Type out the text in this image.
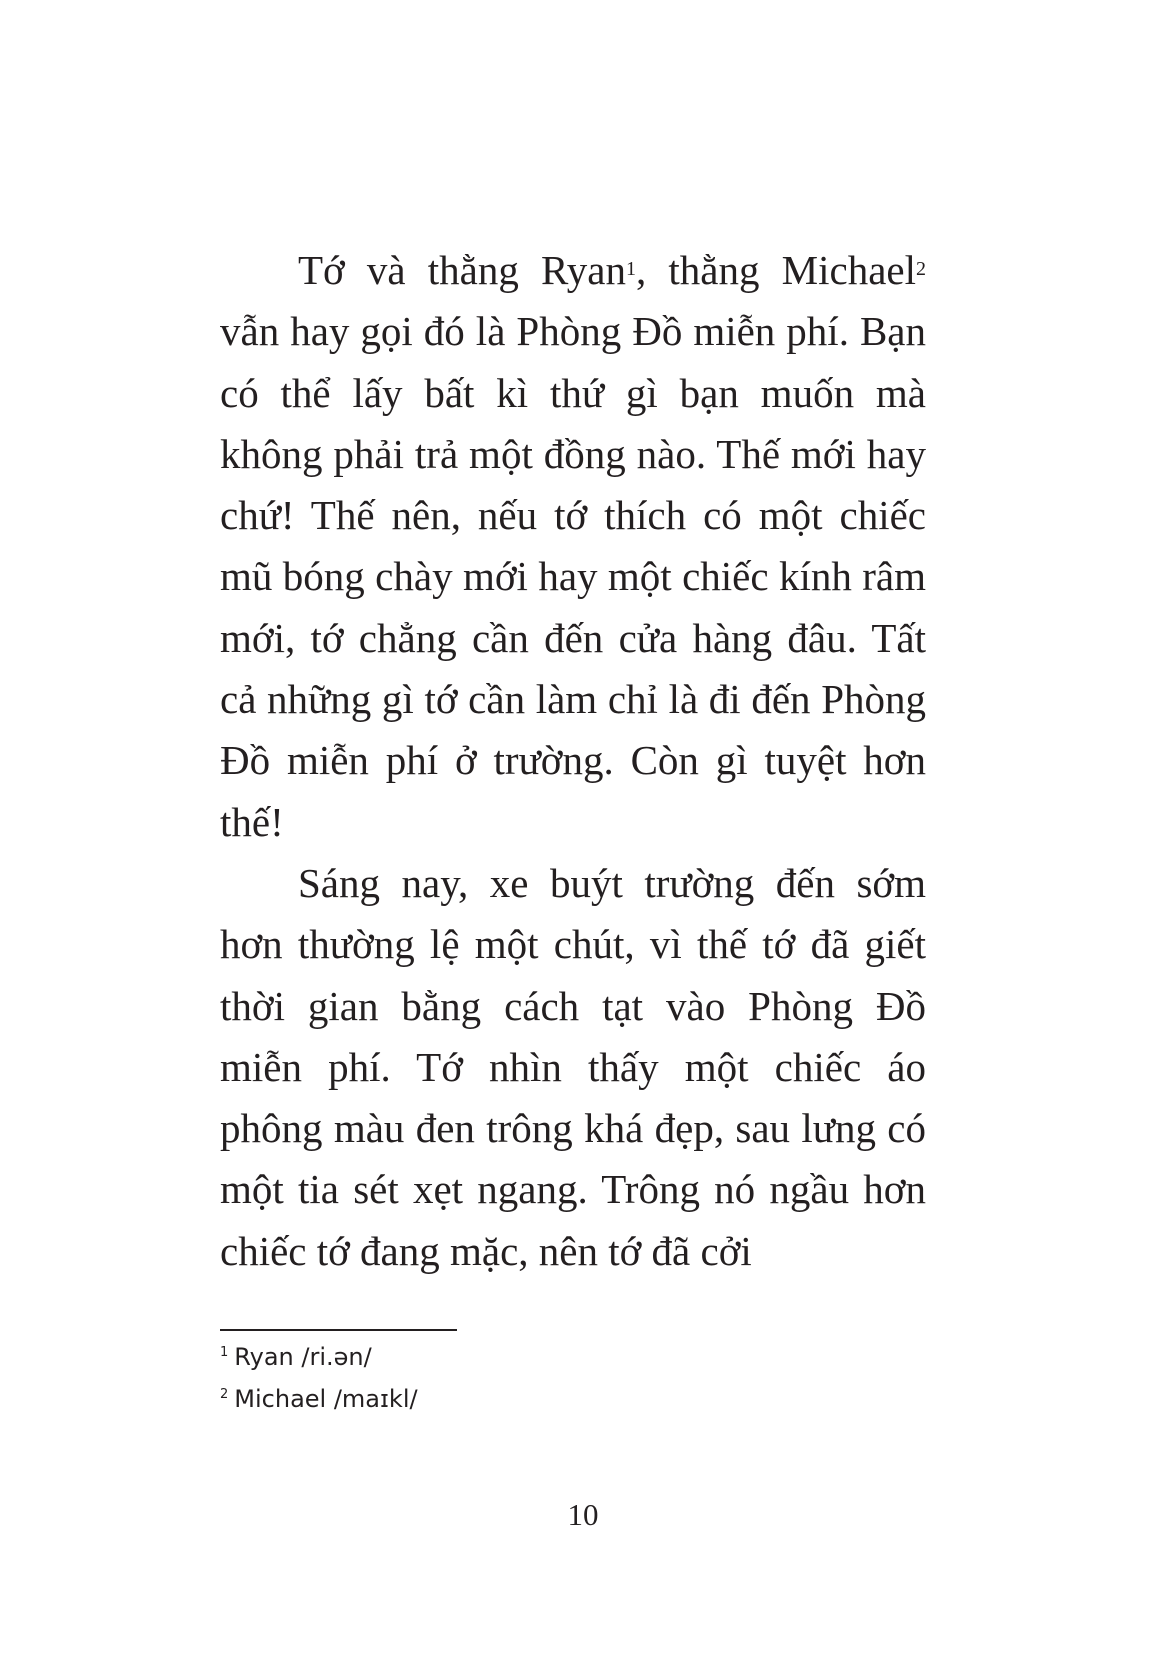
Tớ và thằng Ryan$^1$, thằng Michael$^2$ vẫn hay gọi đó là Phòng Đồ miễn phí. Bạn có thể lấy bất kì thứ gì bạn muốn mà không phải trả một đồng nào. Thế mới hay chứ! Thế nên, nếu tớ thích có một chiếc mũ bóng chày mới hay một chiếc kính râm mới, tớ chẳng cần đến cửa hàng đâu. Tất cả những gì tớ cần làm chỉ là đi đến Phòng Đồ miễn phí ở trường. Còn gì tuyệt hơn thế!

Sáng nay, xe buýt trường đến sớm hơn thường lệ một chút, vì thế tớ đã giết thời gian bằng cách tạt vào Phòng Đồ miễn phí. Tớ nhìn thấy một chiếc áo phông màu đen trông khá đẹp, sau lưng có một tia sét xẹt ngang. Trông nó ngầu hơn chiếc tớ đang mặc, nên tớ đã cởi

$^1$ Ryan /ri.ən/
$^2$ Michael /maɪkl/
10
